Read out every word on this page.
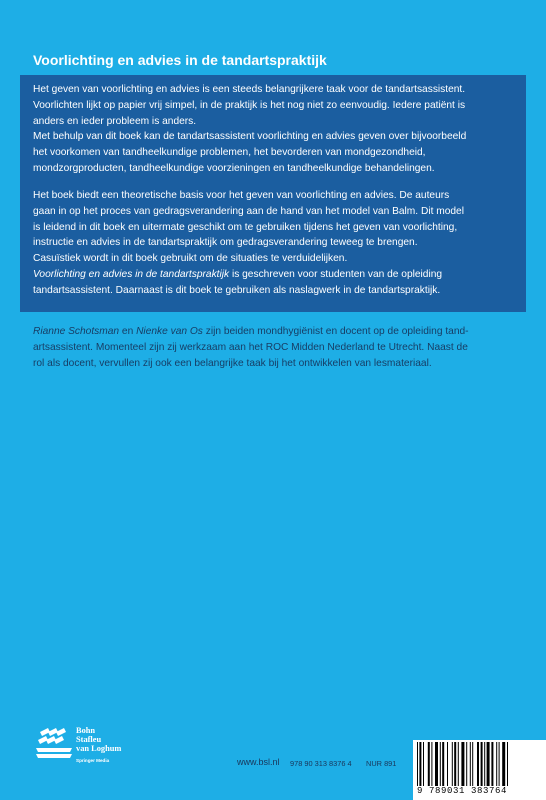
Voorlichting en advies in de tandartspraktijk

Het geven van voorlichting en advies is een steeds belangrijkere taak voor de tandartsassistent.
Voorlichten lijkt op papier vrij simpel, in de praktijk is het nog niet zo eenvoudig. Iedere patiënt is
anders en ieder probleem is anders.
Met behulp van dit boek kan de tandartsassistent voorlichting en advies geven over bijvoorbeeld
het voorkomen van tandheelkundige problemen, het bevorderen van mondgezondheid,
mondzorgproducten, tandheelkundige voorzieningen en tandheelkundige behandelingen.

Het boek biedt een theoretische basis voor het geven van voorlichting en advies. De auteurs
gaan in op het proces van gedragsverandering aan de hand van het model van Balm. Dit model
is leidend in dit boek en uitermate geschikt om te gebruiken tijdens het geven van voorlichting,
instructie en advies in de tandartspraktijk om gedragsverandering teweeg te brengen.
Casuïstiek wordt in dit boek gebruikt om de situaties te verduidelijken.
Voorlichting en advies in de tandartspraktijk is geschreven voor studenten van de opleiding
tandartsassistent. Daarnaast is dit boek te gebruiken als naslagwerk in de tandartspraktijk.

Rianne Schotsman en Nienke van Os zijn beiden mondhygiënist en docent op de opleiding tand-
artsassistent. Momenteel zijn zij werkzaam aan het ROC Midden Nederland te Utrecht. Naast de
rol als docent, vervullen zij ook een belangrijke taak bij het ontwikkelen van lesmateriaal.

Bohn
Stafleu
van Loghum
Springer Media	www.bsl.nl 978 90 313 8376 4 NUR 891
9 789031 383764
